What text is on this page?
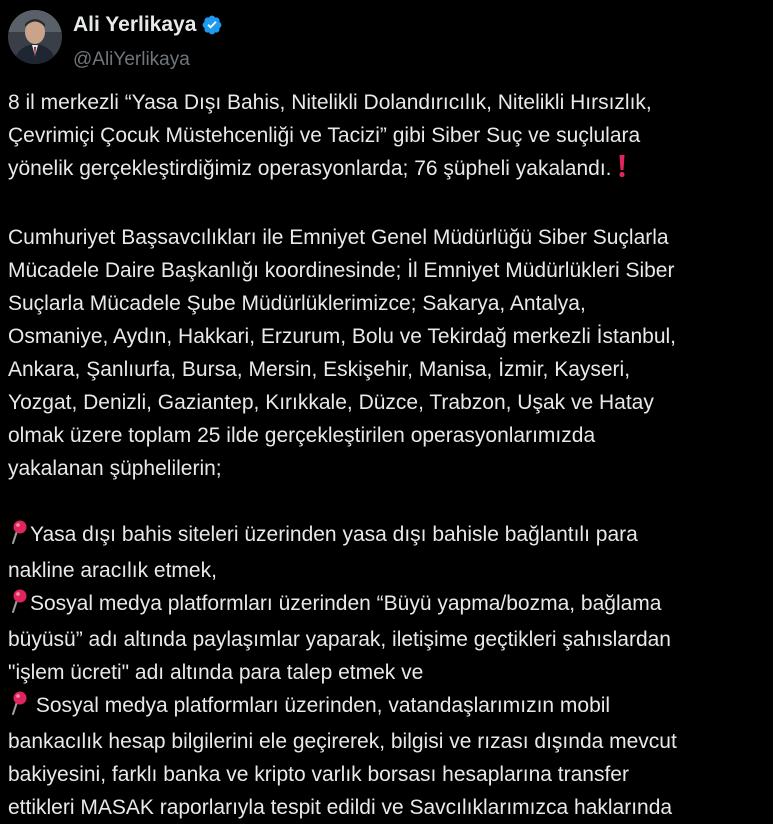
Ali Yerlikaya
@AliYerlikaya

8 il merkezli “Yasa Dışı Bahis, Nitelikli Dolandırıcılık, Nitelikli Hırsızlık,
Çevrimiçi Çocuk Müstehcenliği ve Tacizi” gibi Siber Suç ve suçlulara
yönelik gerçekleştirdiğimiz operasyonlarda; 76 şüpheli yakalandı.

Cumhuriyet Başsavcılıkları ile Emniyet Genel Müdürlüğü Siber Suçlarla
Mücadele Daire Başkanlığı koordinesinde; İl Emniyet Müdürlükleri Siber
Suçlarla Mücadele Şube Müdürlüklerimizce; Sakarya, Antalya,
Osmaniye, Aydın, Hakkari, Erzurum, Bolu ve Tekirdağ merkezli İstanbul,
Ankara, Şanlıurfa, Bursa, Mersin, Eskişehir, Manisa, İzmir, Kayseri,
Yozgat, Denizli, Gaziantep, Kırıkkale, Düzce, Trabzon, Uşak ve Hatay
olmak üzere toplam 25 ilde gerçekleştirilen operasyonlarımızda
yakalanan şüphelilerin;

Yasa dışı bahis siteleri üzerinden yasa dışı bahisle bağlantılı para
nakline aracılık etmek,
Sosyal medya platformları üzerinden “Büyü yapma/bozma, bağlama
büyüsü” adı altında paylaşımlar yaparak, iletişime geçtikleri şahıslardan
"işlem ücreti" adı altında para talep etmek ve
Sosyal medya platformları üzerinden, vatandaşlarımızın mobil
bankacılık hesap bilgilerini ele geçirerek, bilgisi ve rızası dışında mevcut
bakiyesini, farklı banka ve kripto varlık borsası hesaplarına transfer
ettikleri MASAK raporlarıyla tespit edildi ve Savcılıklarımızca haklarında
